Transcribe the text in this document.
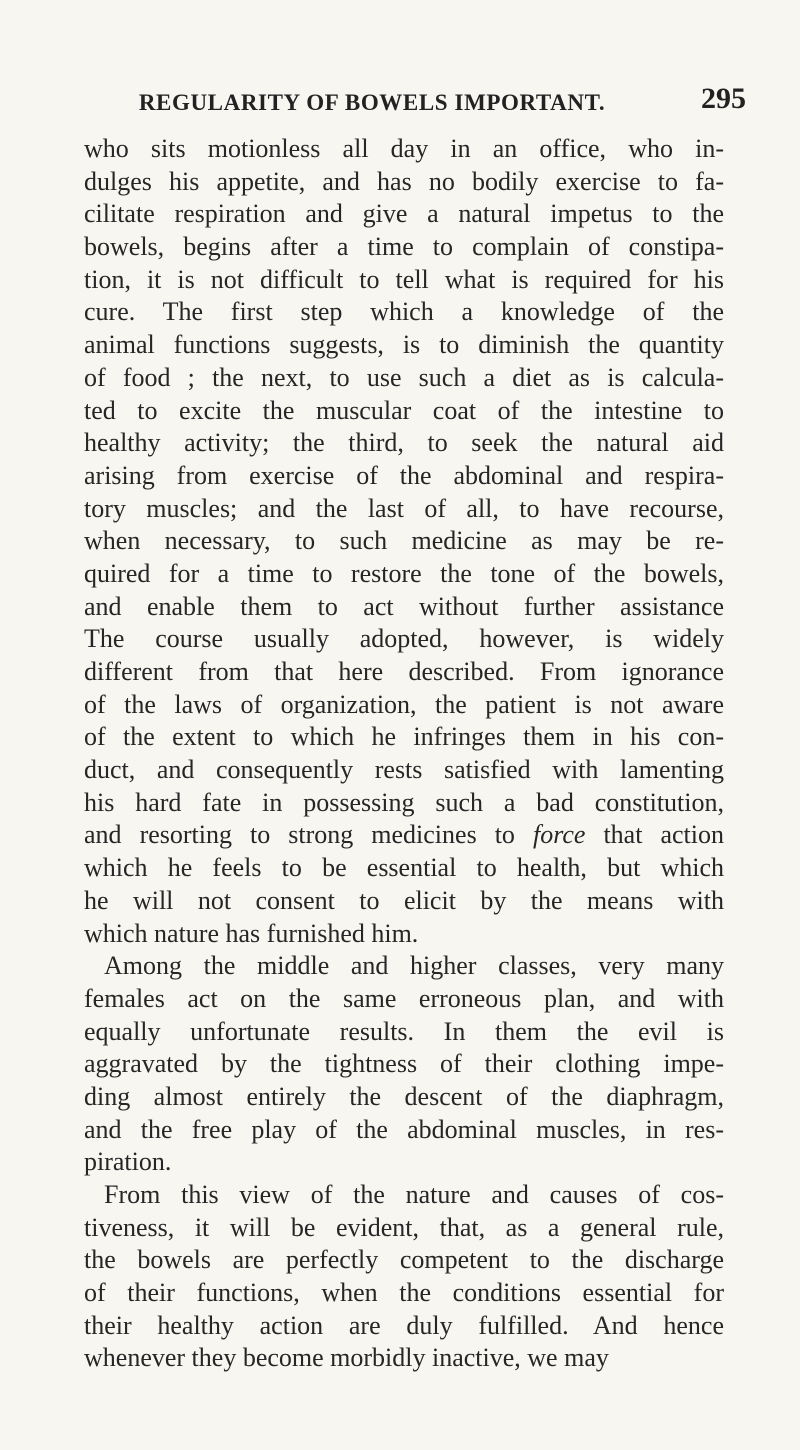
REGULARITY OF BOWELS IMPORTANT.	295
who sits motionless all day in an office, who in-
dulges his appetite, and has no bodily exercise to fa-
cilitate respiration and give a natural impetus to the
bowels, begins after a time to complain of constipa-
tion, it is not difficult to tell what is required for his
cure. The first step which a knowledge of the
animal functions suggests, is to diminish the quantity
of food ; the next, to use such a diet as is calcula-
ted to excite the muscular coat of the intestine to
healthy activity; the third, to seek the natural aid
arising from exercise of the abdominal and respira-
tory muscles; and the last of all, to have recourse,
when necessary, to such medicine as may be re-
quired for a time to restore the tone of the bowels,
and enable them to act without further assistance
The course usually adopted, however, is widely
different from that here described. From ignorance
of the laws of organization, the patient is not aware
of the extent to which he infringes them in his con-
duct, and consequently rests satisfied with lamenting
his hard fate in possessing such a bad constitution,
and resorting to strong medicines to force that action
which he feels to be essential to health, but which
he will not consent to elicit by the means with
which nature has furnished him.
Among the middle and higher classes, very many
females act on the same erroneous plan, and with
equally unfortunate results. In them the evil is
aggravated by the tightness of their clothing impe-
ding almost entirely the descent of the diaphragm,
and the free play of the abdominal muscles, in res-
piration.
From this view of the nature and causes of cos-
tiveness, it will be evident, that, as a general rule,
the bowels are perfectly competent to the discharge
of their functions, when the conditions essential for
their healthy action are duly fulfilled. And hence
whenever they become morbidly inactive, we may
